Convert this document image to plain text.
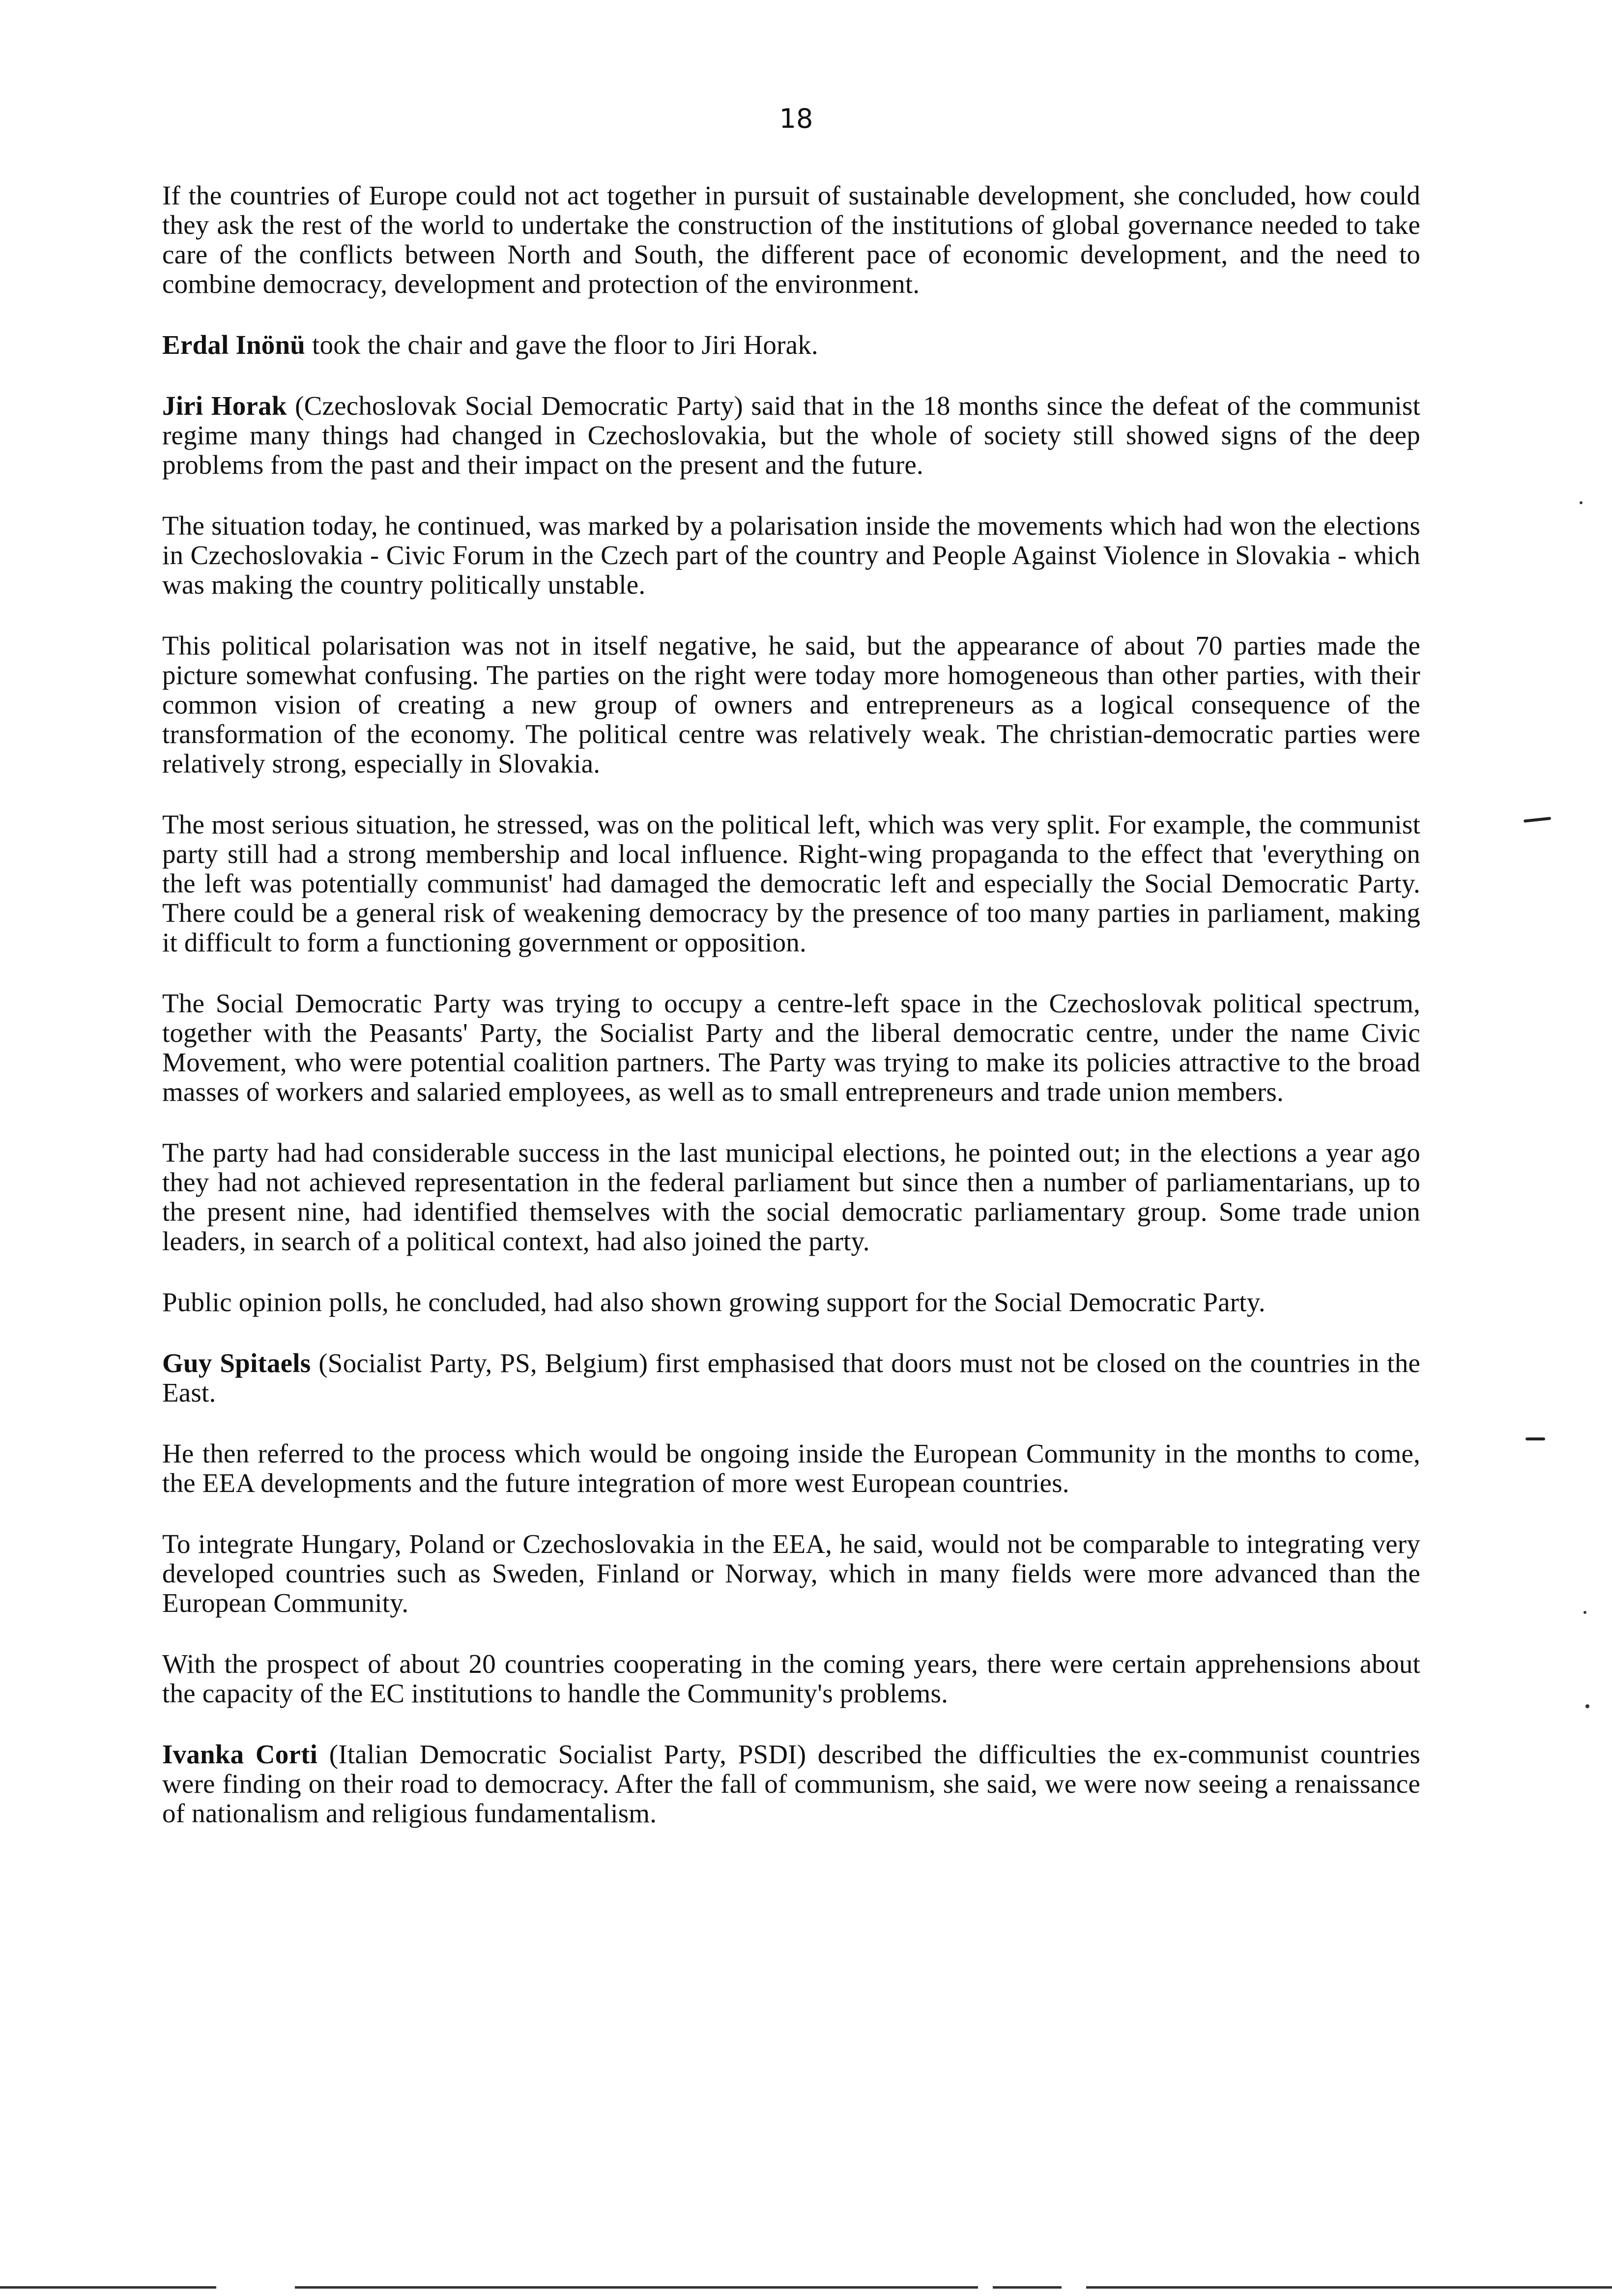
18

If the countries of Europe could not act together in pursuit of sustainable development, she concluded, how could they ask the rest of the world to undertake the construction of the institutions of global governance needed to take care of the conflicts between North and South, the different pace of economic development, and the need to combine democracy, development and protection of the environment.

Erdal Inönü took the chair and gave the floor to Jiri Horak.

Jiri Horak (Czechoslovak Social Democratic Party) said that in the 18 months since the defeat of the communist regime many things had changed in Czechoslovakia, but the whole of society still showed signs of the deep problems from the past and their impact on the present and the future.

The situation today, he continued, was marked by a polarisation inside the movements which had won the elections in Czechoslovakia - Civic Forum in the Czech part of the country and People Against Violence in Slovakia - which was making the country politically unstable.

This political polarisation was not in itself negative, he said, but the appearance of about 70 parties made the picture somewhat confusing. The parties on the right were today more homogeneous than other parties, with their common vision of creating a new group of owners and entrepreneurs as a logical consequence of the transformation of the economy. The political centre was relatively weak. The christian-democratic parties were relatively strong, especially in Slovakia.

The most serious situation, he stressed, was on the political left, which was very split. For example, the communist party still had a strong membership and local influence. Right-wing propaganda to the effect that 'everything on the left was potentially communist' had damaged the democratic left and especially the Social Democratic Party. There could be a general risk of weakening democracy by the presence of too many parties in parliament, making it difficult to form a functioning government or opposition.

The Social Democratic Party was trying to occupy a centre-left space in the Czechoslovak political spectrum, together with the Peasants' Party, the Socialist Party and the liberal democratic centre, under the name Civic Movement, who were potential coalition partners. The Party was trying to make its policies attractive to the broad masses of workers and salaried employees, as well as to small entrepreneurs and trade union members.

The party had had considerable success in the last municipal elections, he pointed out; in the elections a year ago they had not achieved representation in the federal parliament but since then a number of parliamentarians, up to the present nine, had identified themselves with the social democratic parliamentary group. Some trade union leaders, in search of a political context, had also joined the party.

Public opinion polls, he concluded, had also shown growing support for the Social Democratic Party.

Guy Spitaels (Socialist Party, PS, Belgium) first emphasised that doors must not be closed on the countries in the East.

He then referred to the process which would be ongoing inside the European Community in the months to come, the EEA developments and the future integration of more west European countries.

To integrate Hungary, Poland or Czechoslovakia in the EEA, he said, would not be comparable to integrating very developed countries such as Sweden, Finland or Norway, which in many fields were more advanced than the European Community.

With the prospect of about 20 countries cooperating in the coming years, there were certain apprehensions about the capacity of the EC institutions to handle the Community's problems.

Ivanka Corti (Italian Democratic Socialist Party, PSDI) described the difficulties the ex-communist countries were finding on their road to democracy. After the fall of communism, she said, we were now seeing a renaissance of nationalism and religious fundamentalism.
